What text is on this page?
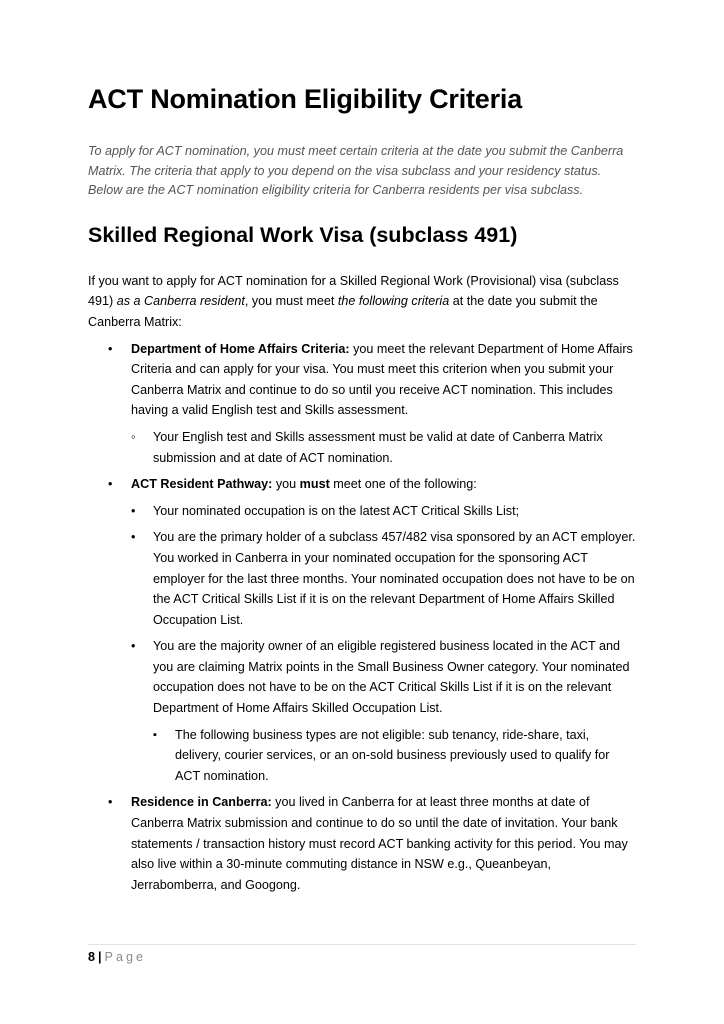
ACT Nomination Eligibility Criteria

To apply for ACT nomination, you must meet certain criteria at the date you submit the Canberra Matrix. The criteria that apply to you depend on the visa subclass and your residency status. Below are the ACT nomination eligibility criteria for Canberra residents per visa subclass.

Skilled Regional Work Visa (subclass 491)

If you want to apply for ACT nomination for a Skilled Regional Work (Provisional) visa (subclass 491) as a Canberra resident, you must meet the following criteria at the date you submit the Canberra Matrix:

• Department of Home Affairs Criteria: you meet the relevant Department of Home Affairs Criteria and can apply for your visa. You must meet this criterion when you submit your Canberra Matrix and continue to do so until you receive ACT nomination. This includes having a valid English test and Skills assessment.
◦ Your English test and Skills assessment must be valid at date of Canberra Matrix submission and at date of ACT nomination.
• ACT Resident Pathway: you must meet one of the following:
• Your nominated occupation is on the latest ACT Critical Skills List;
• You are the primary holder of a subclass 457/482 visa sponsored by an ACT employer. You worked in Canberra in your nominated occupation for the sponsoring ACT employer for the last three months. Your nominated occupation does not have to be on the ACT Critical Skills List if it is on the relevant Department of Home Affairs Skilled Occupation List.
• You are the majority owner of an eligible registered business located in the ACT and you are claiming Matrix points in the Small Business Owner category. Your nominated occupation does not have to be on the ACT Critical Skills List if it is on the relevant Department of Home Affairs Skilled Occupation List.
▪ The following business types are not eligible: sub tenancy, ride-share, taxi, delivery, courier services, or an on-sold business previously used to qualify for ACT nomination.
• Residence in Canberra: you lived in Canberra for at least three months at date of Canberra Matrix submission and continue to do so until the date of invitation. Your bank statements / transaction history must record ACT banking activity for this period. You may also live within a 30-minute commuting distance in NSW e.g., Queanbeyan, Jerrabomberra, and Googong.
8 | Page
